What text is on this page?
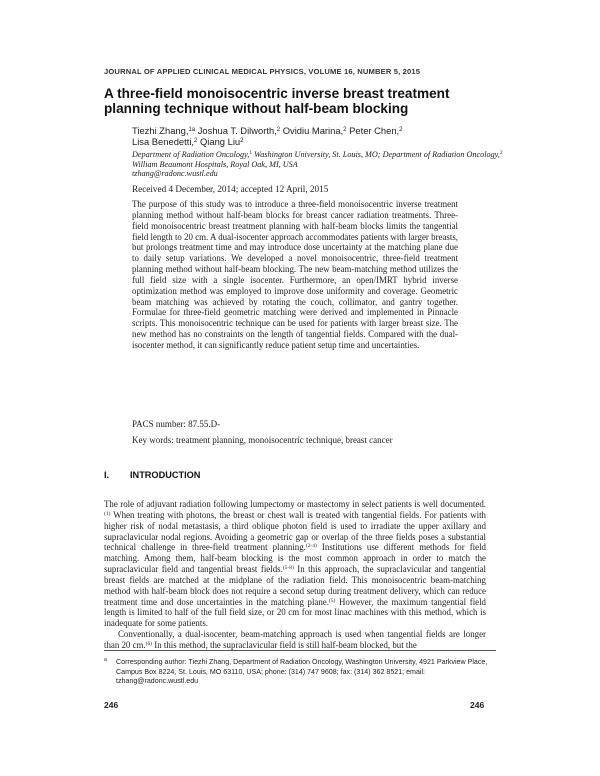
JOURNAL OF APPLIED CLINICAL MEDICAL PHYSICS, VOLUME 16, NUMBER 5, 2015
A three-field monoisocentric inverse breast treatment
planning technique without half-beam blocking
Tiezhi Zhang,$^{1a}$ Joshua T. Dilworth,$^2$ Ovidiu Marina,$^2$ Peter Chen,$^2$
Lisa Benedetti,$^2$ Qiang Liu$^2$
Department of Radiation Oncology,$^1$ Washington University, St. Louis, MO; Department of Radiation Oncology,$^2$ William Beaumont Hospitals, Royal Oak, MI, USA
tzhang@radonc.wustl.edu
Received 4 December, 2014; accepted 12 April, 2015
The purpose of this study was to introduce a three-field monoisocentric inverse treatment planning method without half-beam blocks for breast cancer radiation treatments. Three-field monoisocentric breast treatment planning with half-beam blocks limits the tangential field length to 20 cm. A dual-isocenter approach accommodates patients with larger breasts, but prolongs treatment time and may introduce dose uncertainty at the matching plane due to daily setup variations. We developed a novel monoisocentric, three-field treatment planning method without half-beam blocking. The new beam-matching method utilizes the full field size with a single isocenter. Furthermore, an open/IMRT hybrid inverse optimization method was employed to improve dose uniformity and coverage. Geometric beam matching was achieved by rotating the couch, collimator, and gantry together. Formulae for three-field geometric matching were derived and implemented in Pinnacle scripts. This monoisocentric technique can be used for patients with larger breast size. The new method has no constraints on the length of tangential fields. Compared with the dual-isocenter method, it can significantly reduce patient setup time and uncertainties.
PACS number: 87.55.D-
Key words: treatment planning, monoisocentric technique, breast cancer
I. INTRODUCTION

The role of adjuvant radiation following lumpectomy or mastectomy in select patients is well documented.$^{(1)}$ When treating with photons, the breast or chest wall is treated with tangential fields. For patients with higher risk of nodal metastasis, a third oblique photon field is used to irradiate the upper axillary and supraclavicular nodal regions. Avoiding a geometric gap or overlap of the three fields poses a substantial technical challenge in three-field treatment planning.$^{(2-4)}$ Institutions use different methods for field matching. Among them, half-beam blocking is the most common approach in order to match the supraclavicular field and tangential breast fields.$^{(5-8)}$ In this approach, the supraclavicular and tangential breast fields are matched at the midplane of the radiation field. This monoisocentric beam-matching method with half-beam block does not require a second setup during treatment delivery, which can reduce treatment time and dose uncertainties in the matching plane.$^{(5)}$ However, the maximum tangential field length is limited to half of the full field size, or 20 cm for most linac machines with this method, which is inadequate for some patients.

Conventionally, a dual-isocenter, beam-matching approach is used when tangential fields are longer than 20 cm.$^{(6)}$ In this method, the supraclavicular field is still half-beam blocked, but the

a	Corresponding author: Tiezhi Zhang, Department of Radiation Oncology, Washington University, 4921 Parkview Place, Campus Box 8224, St. Louis, MO 63110, USA; phone: (314) 747 9608; fax: (314) 362 8521; email: tzhang@radonc.wustl.edu
246	246
